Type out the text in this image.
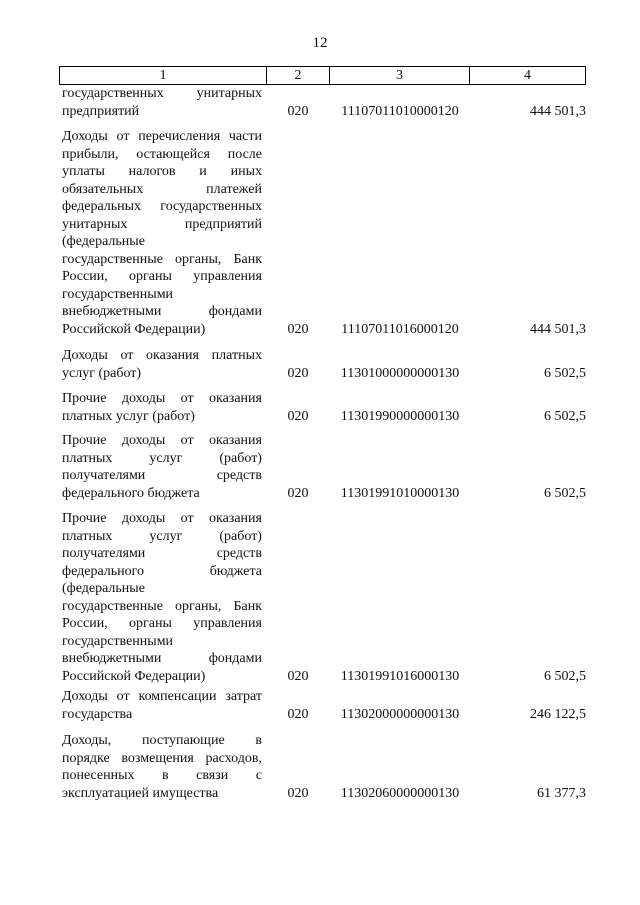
12
1	2	3	4
государственных унитарных
предприятий	020	11107011010000120	444 501,3
Доходы от перечисления части
прибыли, остающейся после
уплаты налогов и иных
обязательных	платежей
федеральных государственных
унитарных	предприятий
(федеральные
государственные органы, Банк
России, органы управления
государственными
внебюджетными	фондами
Российской Федерации)	020	11107011016000120	444 501,3
Доходы от оказания платных
услуг (работ)	020	11301000000000130	6 502,5
Прочие доходы от оказания
платных услуг (работ)	020	11301990000000130	6 502,5
Прочие доходы от оказания
платных	услуг	(работ)
получателями	средств
федерального бюджета	020	11301991010000130	6 502,5
Прочие доходы от оказания
платных	услуг	(работ)
получателями	средств
федерального	бюджета
(федеральные
государственные органы, Банк
России, органы управления
государственными
внебюджетными	фондами
Российской Федерации)	020	11301991016000130	6 502,5
Доходы от компенсации затрат
государства	020	11302000000000130	246 122,5
Доходы, поступающие в
порядке возмещения расходов,
понесенных в связи с
эксплуатацией имущества	020	11302060000000130	61 377,3
